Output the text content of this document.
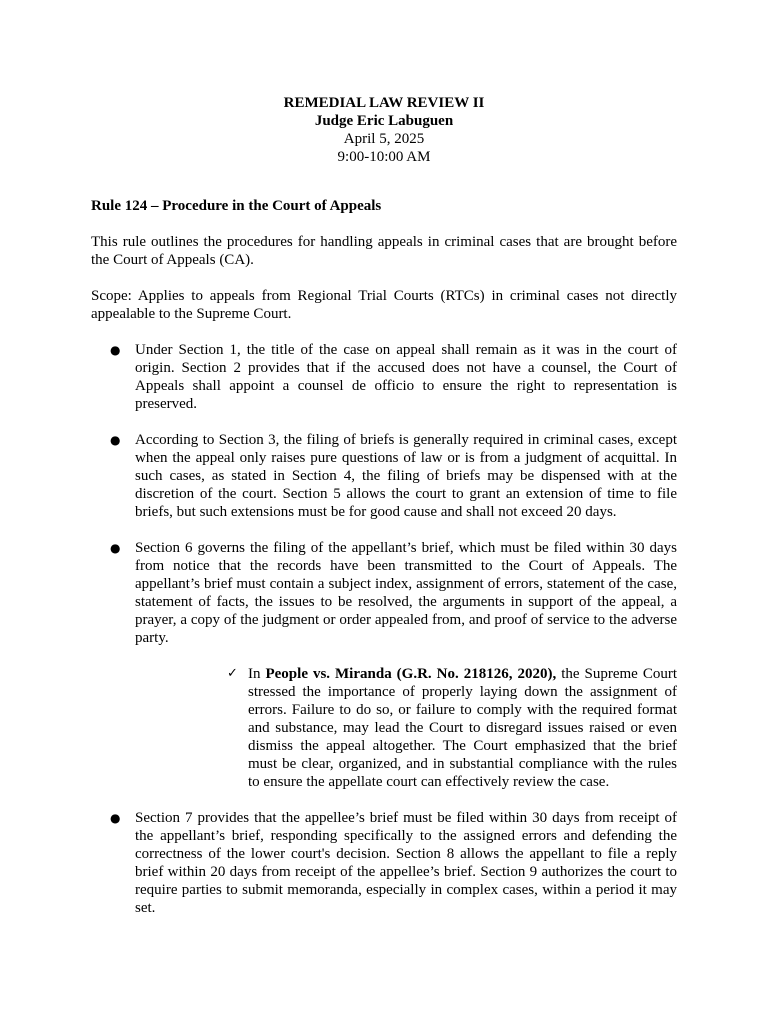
REMEDIAL LAW REVIEW II
Judge Eric Labuguen
April 5, 2025
9:00-10:00 AM
Rule 124 – Procedure in the Court of Appeals
This rule outlines the procedures for handling appeals in criminal cases that are brought before the Court of Appeals (CA).
Scope: Applies to appeals from Regional Trial Courts (RTCs) in criminal cases not directly appealable to the Supreme Court.
● Under Section 1, the title of the case on appeal shall remain as it was in the court of origin. Section 2 provides that if the accused does not have a counsel, the Court of Appeals shall appoint a counsel de officio to ensure the right to representation is preserved.
● According to Section 3, the filing of briefs is generally required in criminal cases, except when the appeal only raises pure questions of law or is from a judgment of acquittal. In such cases, as stated in Section 4, the filing of briefs may be dispensed with at the discretion of the court. Section 5 allows the court to grant an extension of time to file briefs, but such extensions must be for good cause and shall not exceed 20 days.
● Section 6 governs the filing of the appellant’s brief, which must be filed within 30 days from notice that the records have been transmitted to the Court of Appeals. The appellant’s brief must contain a subject index, assignment of errors, statement of the case, statement of facts, the issues to be resolved, the arguments in support of the appeal, a prayer, a copy of the judgment or order appealed from, and proof of service to the adverse party.
✓ In People vs. Miranda (G.R. No. 218126, 2020), the Supreme Court stressed the importance of properly laying down the assignment of errors. Failure to do so, or failure to comply with the required format and substance, may lead the Court to disregard issues raised or even dismiss the appeal altogether. The Court emphasized that the brief must be clear, organized, and in substantial compliance with the rules to ensure the appellate court can effectively review the case.
● Section 7 provides that the appellee’s brief must be filed within 30 days from receipt of the appellant’s brief, responding specifically to the assigned errors and defending the correctness of the lower court's decision. Section 8 allows the appellant to file a reply brief within 20 days from receipt of the appellee’s brief. Section 9 authorizes the court to require parties to submit memoranda, especially in complex cases, within a period it may set.
